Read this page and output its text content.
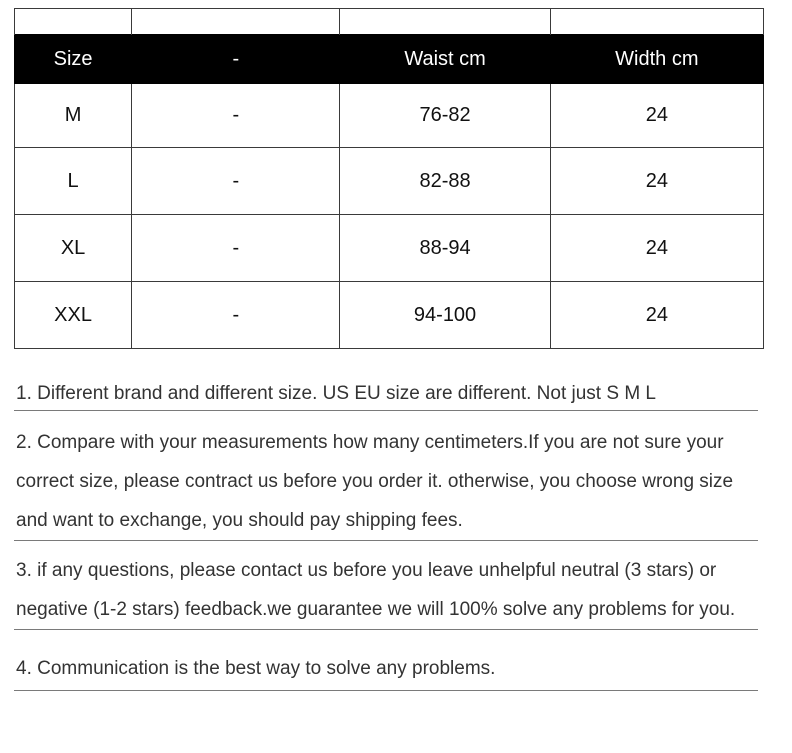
Size	-	Waist cm	Width cm
M	-	76-82	24
L	-	82-88	24
XL	-	88-94	24
XXL	-	94-100	24
1. Different brand and different size. US EU size are different. Not just S M L
2. Compare with your measurements how many centimeters.If you are not sure your correct size, please contract us before you order it. otherwise, you choose wrong size and want to exchange, you should pay shipping fees.
3. if any questions, please contact us before you leave unhelpful neutral (3 stars) or negative (1-2 stars) feedback.we guarantee we will 100% solve any problems for you.
4. Communication is the best way to solve any problems.
